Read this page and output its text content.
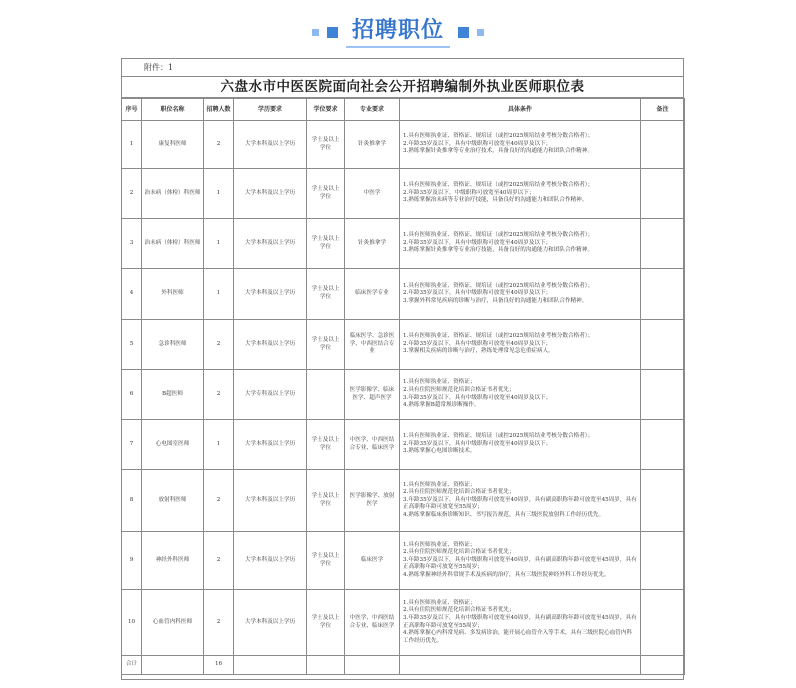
招聘职位
附件：1
六盘水市中医医院面向社会公开招聘编制外执业医师职位表
序号	职位名称	招聘人数	学历要求	学位要求	专业要求	具体条件	备注
1	康复科医师	2	大学本科及以上学历	学士及以上学位	针灸推拿学	1.具有医师执业证、资格证、规培证（或控2025规培结业考核分数合格者）；
2.年龄35岁及以下，具有中级职称可放宽至40周岁及以下；
3.熟练掌握针灸推拿等专业治疗技术，具备良好的沟通能力和团队合作精神。	

2	治未病（体检）科医师	1	大学本科及以上学历	学士及以上学位	中医学	1.具有医师执业证、资格证、规培证（或控2025规培结业考核分数合格者）；
2.年龄35岁及以下，中级职称可放宽至40周岁以下；
3.熟练掌握治未病等专业治疗技能，具备良好的沟通能力和团队合作精神。	

3	治未病（体检）科医师	1	大学本科及以上学历	学士及以上学位	针灸推拿学	1.具有医师执业证、资格证、规培证（或控2025规培结业考核分数合格者）；
2.年龄35岁及以下，具有中级职称可放宽至40周岁及以下；
3.熟练掌握针灸推拿等专业治疗技能，具备良好的沟通能力和团队合作精神。	

4	外科医师	1	大学本科及以上学历	学士及以上学位	临床医学专业	1.具有医师执业证、资格证、规培证（或控2025规培结业考核分数合格者）；
2.年龄35岁及以下，具有中级职称可放宽至40周岁及以下；
3.掌握外科常见疾病的诊断与治疗，具备良好的沟通能力和团队合作精神。	

5	急诊科医师	2	大学本科及以上学历	学士及以上学位	临床医学、急诊医学、中西医结合专业	1.具有医师执业证、资格证、规培证（或控2025规培结业考核分数合格者）；
2.年龄35岁及以下，具有中级职称可放宽至40周岁及以下；
3.掌握相关疾病的诊断与治疗，熟练处理常见急危重症病人。	

6	B超医师	2	大学专科及以上学历		医学影像学、临床医学、超声医学	1.具有医师执业证、资格证；
2.具有住院医师规范化培训合格证书者优先；
3.年龄35岁及以下，具有中级职称可放宽至40周岁及以下；
4.熟练掌握B超常规诊断操作。	

7	心电图室医师	1	大学本科及以上学历	学士及以上学位	中医学、中西医结合专业、临床医学	1.具有医师执业证、资格证、规培证（或控2025规培结业考核分数合格者）；
2.年龄35岁及以下，具有中级职称可放宽至40周岁及以下；
3.熟练掌握心电图诊断技术。	

8	放射科医师	2	大学本科及以上学历	学士及以上学位	医学影像学、放射医学	1.具有医师执业证、资格证；
2.具有住院医师规范化培训合格证书者优先；
3.年龄35岁及以下，具有中级职称可放宽至40周岁，具有副高职称年龄可放宽至45周岁，具有正高职称年龄可放宽至55周岁；
4.熟练掌握临床指诊断知识、书写报告规范，具有三级医院放射科工作经历优先。	

9	神经外科医师	2	大学本科及以上学历	学士及以上学位	临床医学	1.具有医师执业证、资格证；
2.具有住院医师规范化培训合格证书者优先；
3.年龄35岁及以下，具有中级职称可放宽至40周岁，具有副高职称年龄可放宽至45周岁，具有正高职称年龄可放宽至55周岁；
4.熟练掌握神经外科常规手术及疾病的治疗，具有三级医院神经外科工作经历优先。	

10	心血管内科医师	2	大学本科及以上学历	学士及以上学位	中医学、中西医结合专业、临床医学	1.具有医师执业证、资格证；
2.具有住院医师规范化培训合格证书者优先；
3.年龄35岁及以下，具有中级职称可放宽至40周岁，具有副高职称年龄可放宽至45周岁，具有正高职称年龄可放宽至55周岁；
4.熟练掌握心内科常见病、多发病诊治，能开展心血管介入等手术，具有三级医院心血管内科工作经历优先。	

合计		16					
